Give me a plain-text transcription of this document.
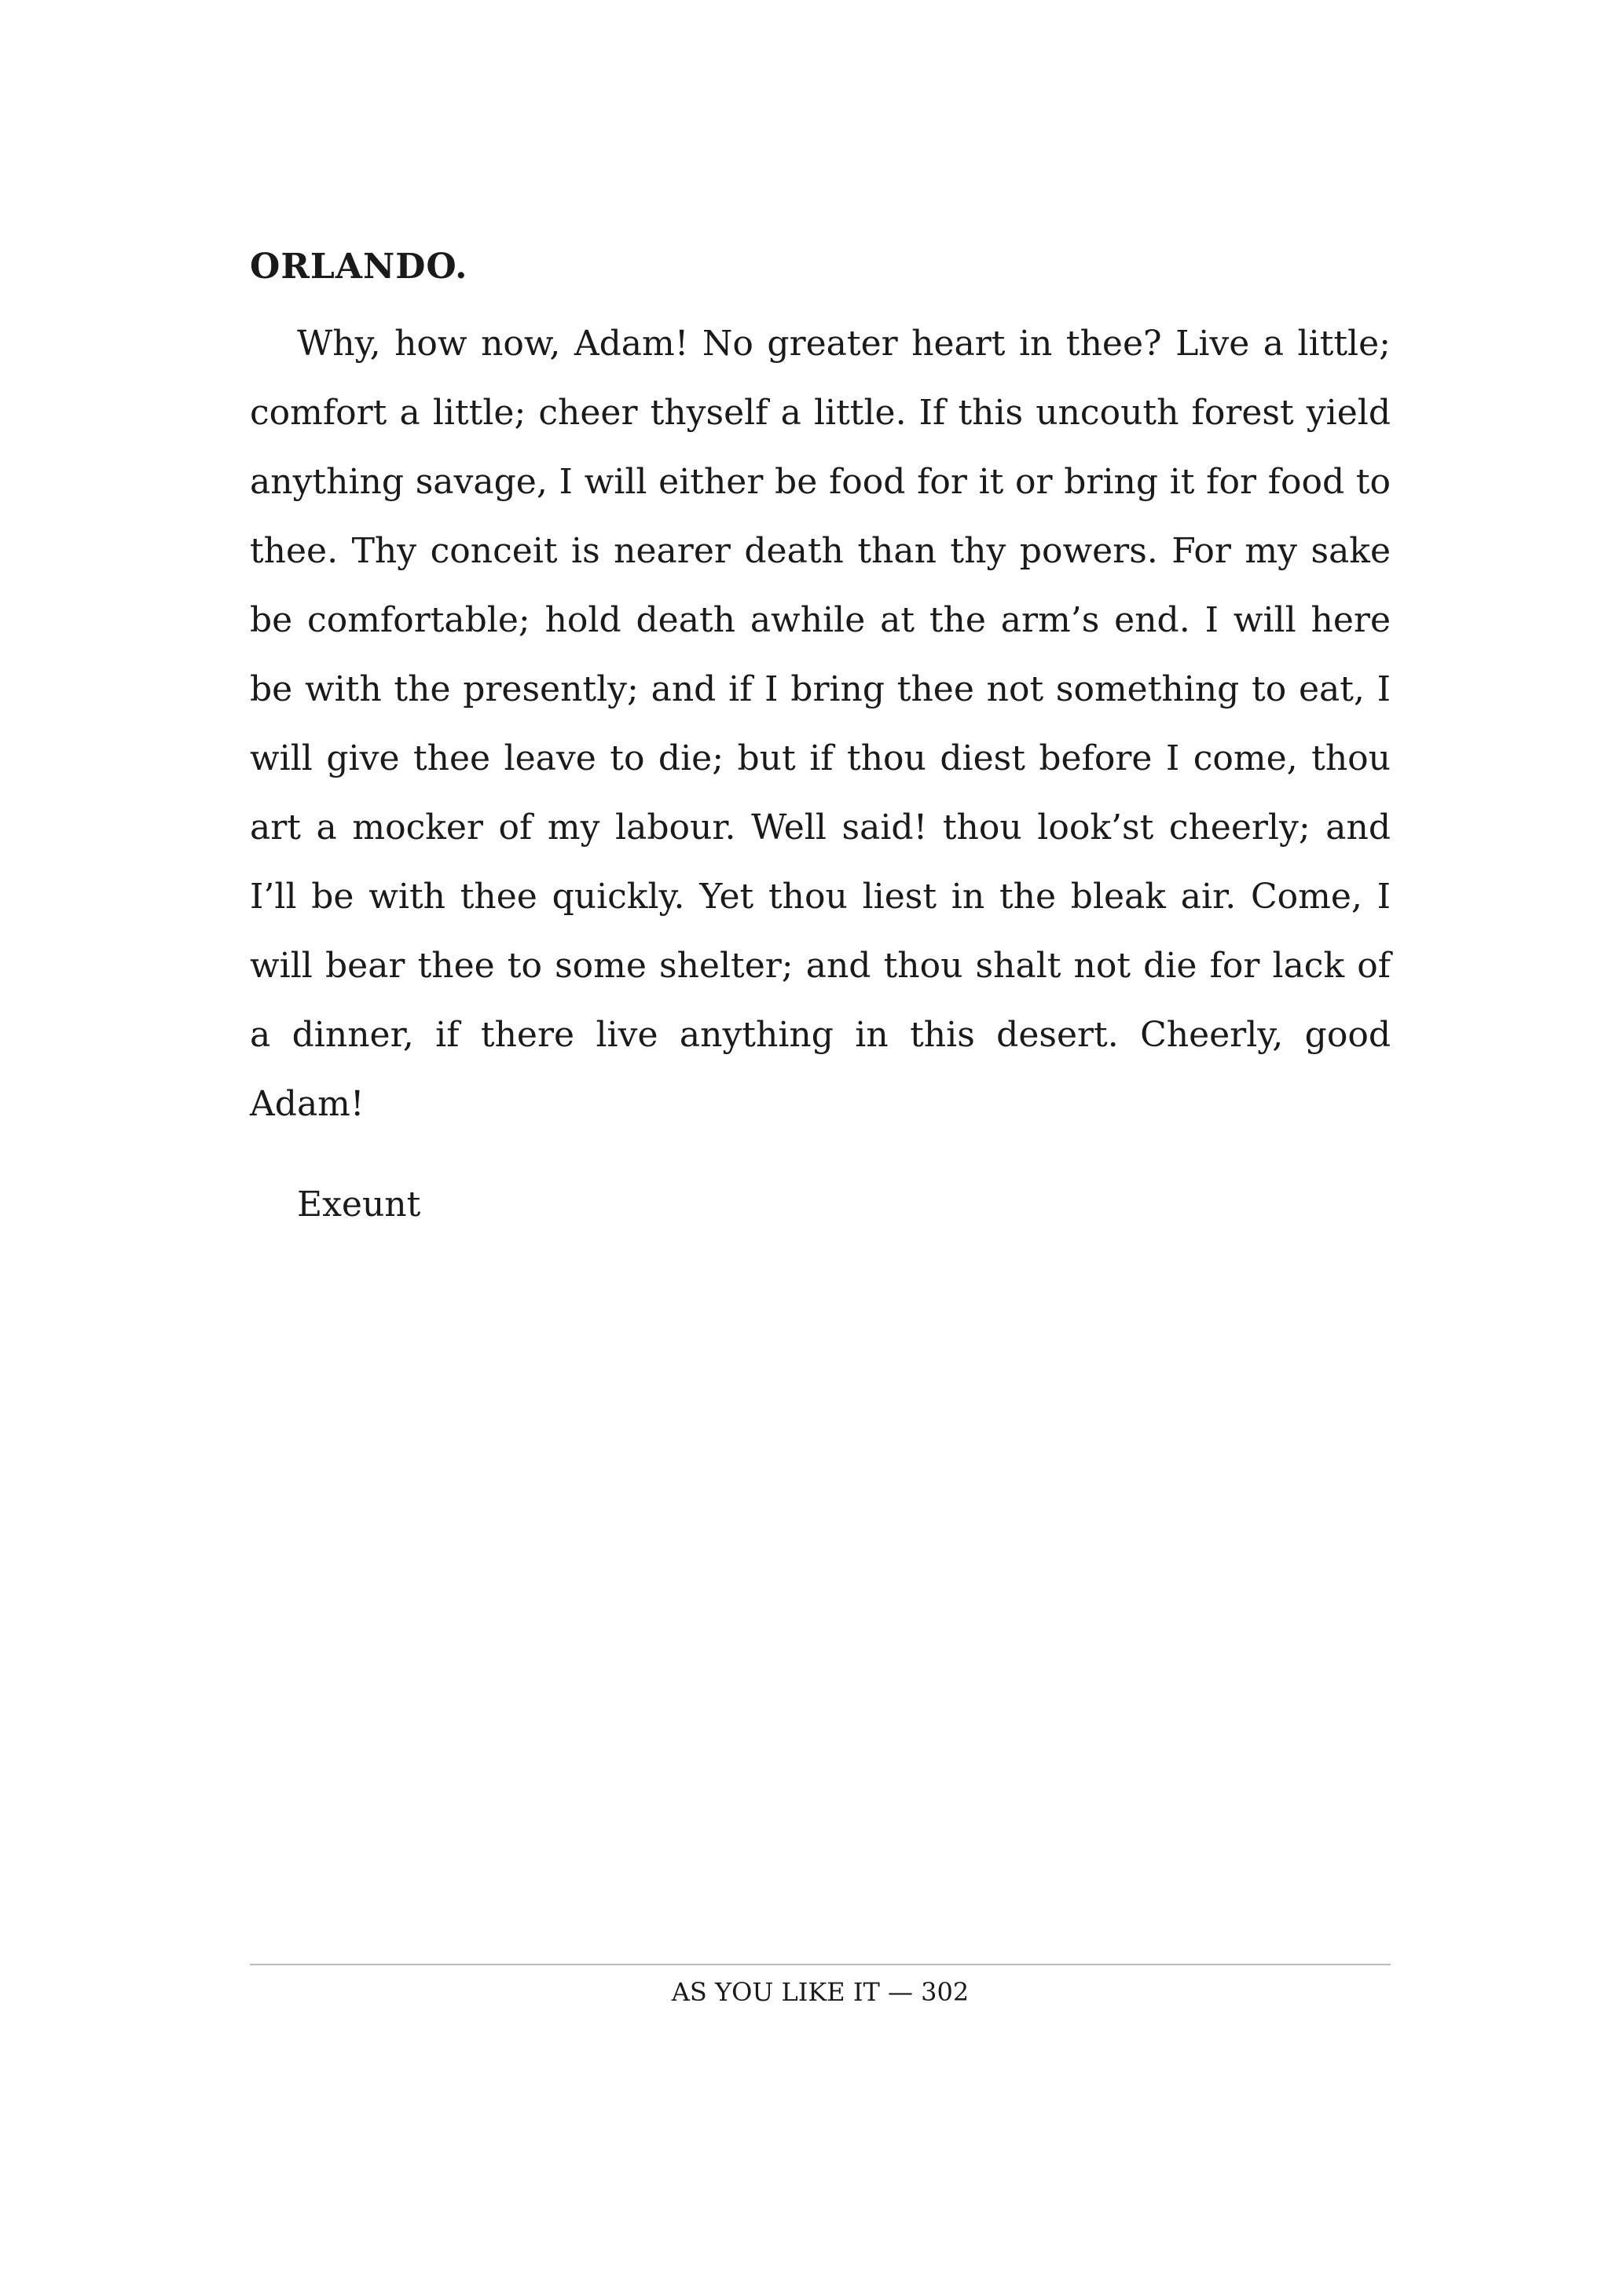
ORLANDO.

Why, how now, Adam! No greater heart in thee? Live a little; comfort a little; cheer thyself a little. If this uncouth forest yield anything savage, I will either be food for it or bring it for food to thee. Thy conceit is nearer death than thy powers. For my sake be comfortable; hold death awhile at the arm’s end. I will here be with the presently; and if I bring thee not something to eat, I will give thee leave to die; but if thou diest before I come, thou art a mocker of my labour. Well said! thou look’st cheerly; and I’ll be with thee quickly. Yet thou liest in the bleak air. Come, I will bear thee to some shelter; and thou shalt not die for lack of a dinner, if there live anything in this desert. Cheerly, good Adam!

Exeunt
AS YOU LIKE IT — 302
